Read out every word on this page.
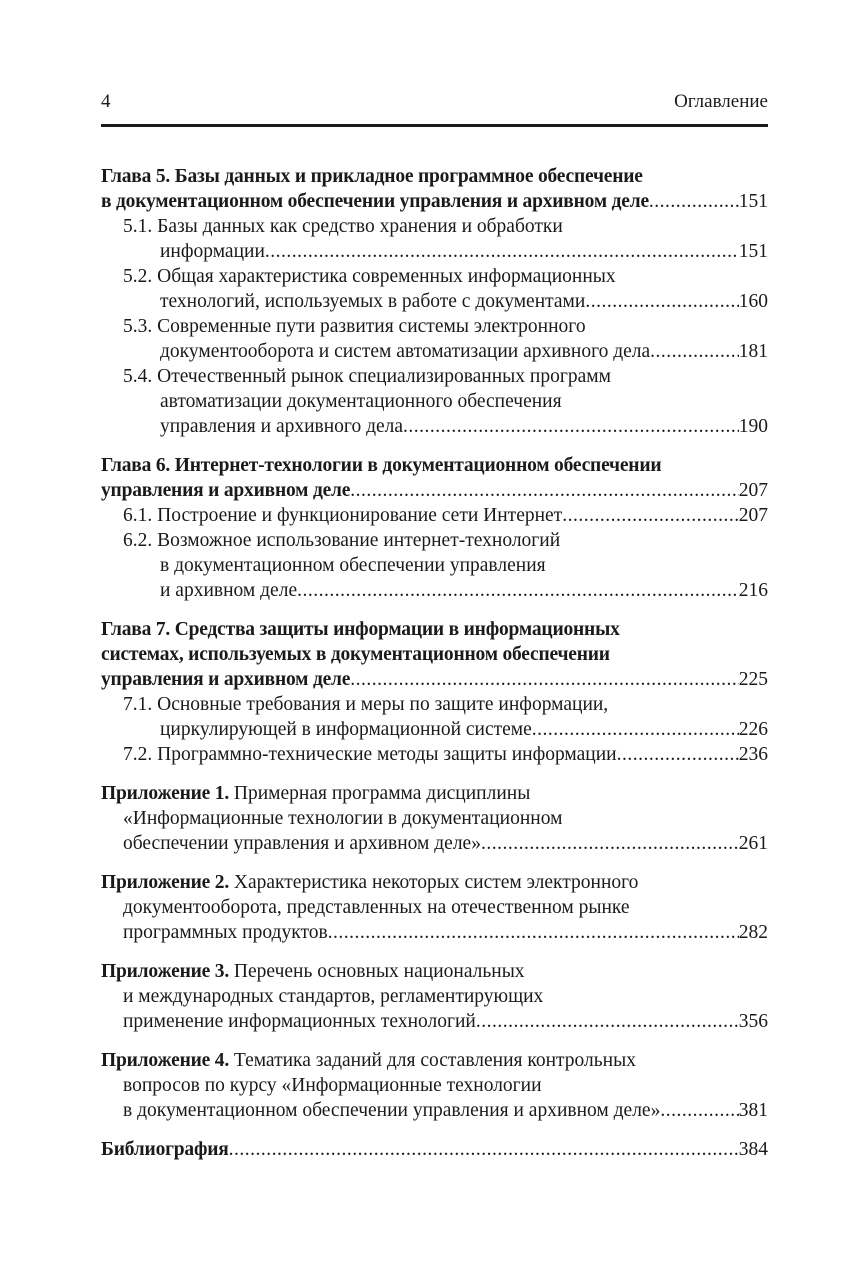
4	Оглавление
Глава 5. Базы данных и прикладное программное обеспечение
в документационном обеспечении управления и архивном деле .....	151
5.1. Базы данных как средство хранения и обработки
информации .....	151
5.2. Общая характеристика современных информационных
технологий, используемых в работе с документами .....	160
5.3. Современные пути развития системы электронного
документооборота и систем автоматизации архивного дела .....	181
5.4. Отечественный рынок специализированных программ
автоматизации документационного обеспечения
управления и архивного дела .....	190
Глава 6. Интернет-технологии в документационном обеспечении
управления и архивном деле .....	207
6.1. Построение и функционирование сети Интернет .....	207
6.2. Возможное использование интернет-технологий
в документационном обеспечении управления
и архивном деле .....	216
Глава 7. Средства защиты информации в информационных
системах, используемых в документационном обеспечении
управления и архивном деле .....	225
7.1. Основные требования и меры по защите информации,
циркулирующей в информационной системе .....	226
7.2. Программно-технические методы защиты информации .....	236
Приложение 1. Примерная программа дисциплины
«Информационные технологии в документационном
обеспечении управления и архивном деле» .....	261
Приложение 2. Характеристика некоторых систем электронного
документооборота, представленных на отечественном рынке
программных продуктов .....	282
Приложение 3. Перечень основных национальных
и международных стандартов, регламентирующих
применение информационных технологий .....	356
Приложение 4. Тематика заданий для составления контрольных
вопросов по курсу «Информационные технологии
в документационном обеспечении управления и архивном деле» .....	381
Библиография .....	384
